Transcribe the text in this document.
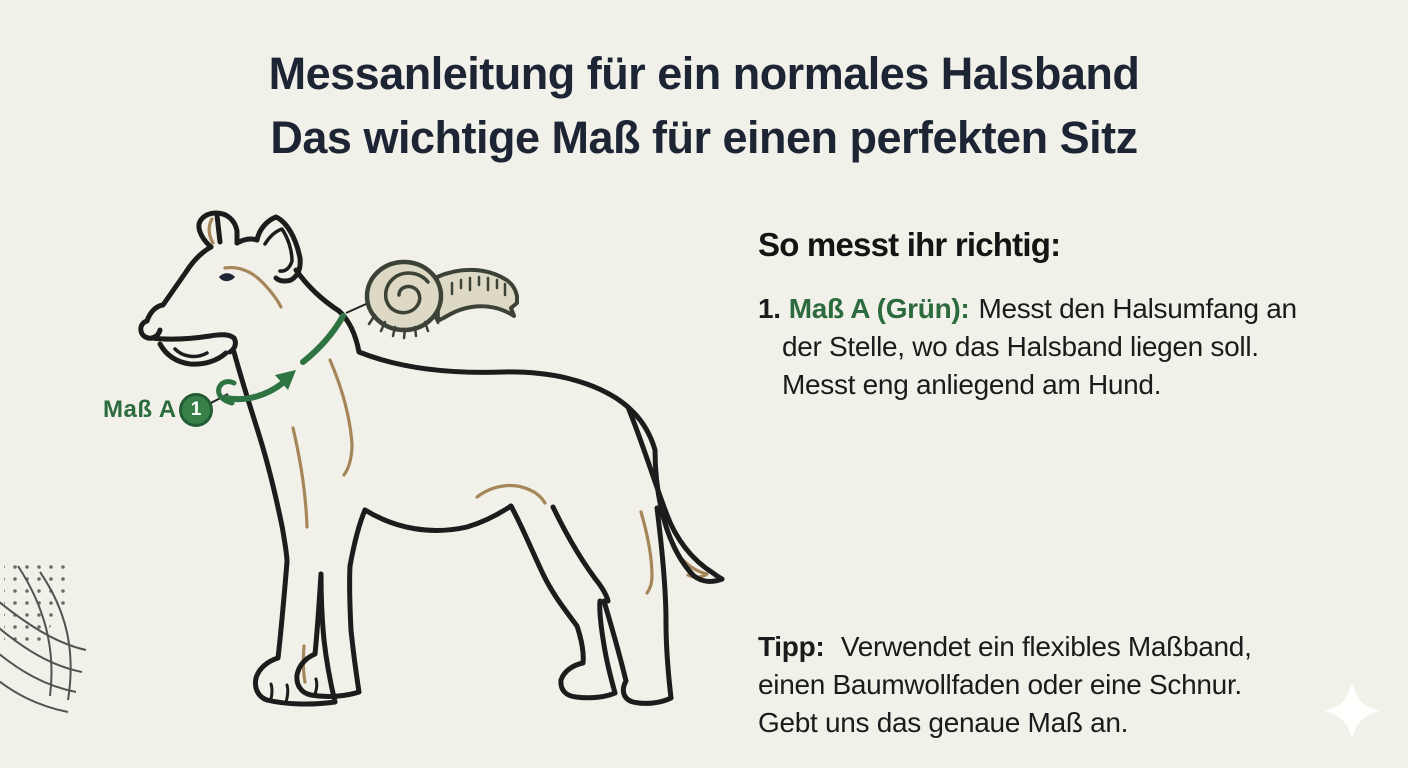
Messanleitung für ein normales Halsband
Das wichtige Maß für einen perfekten Sitz
Maß A 1
So messt ihr richtig:
1. Maß A (Grün): Messt den Halsumfang an
der Stelle, wo das Halsband liegen soll.
Messt eng anliegend am Hund.
Tipp: Verwendet ein flexibles Maßband,
einen Baumwollfaden oder eine Schnur.
Gebt uns das genaue Maß an.
